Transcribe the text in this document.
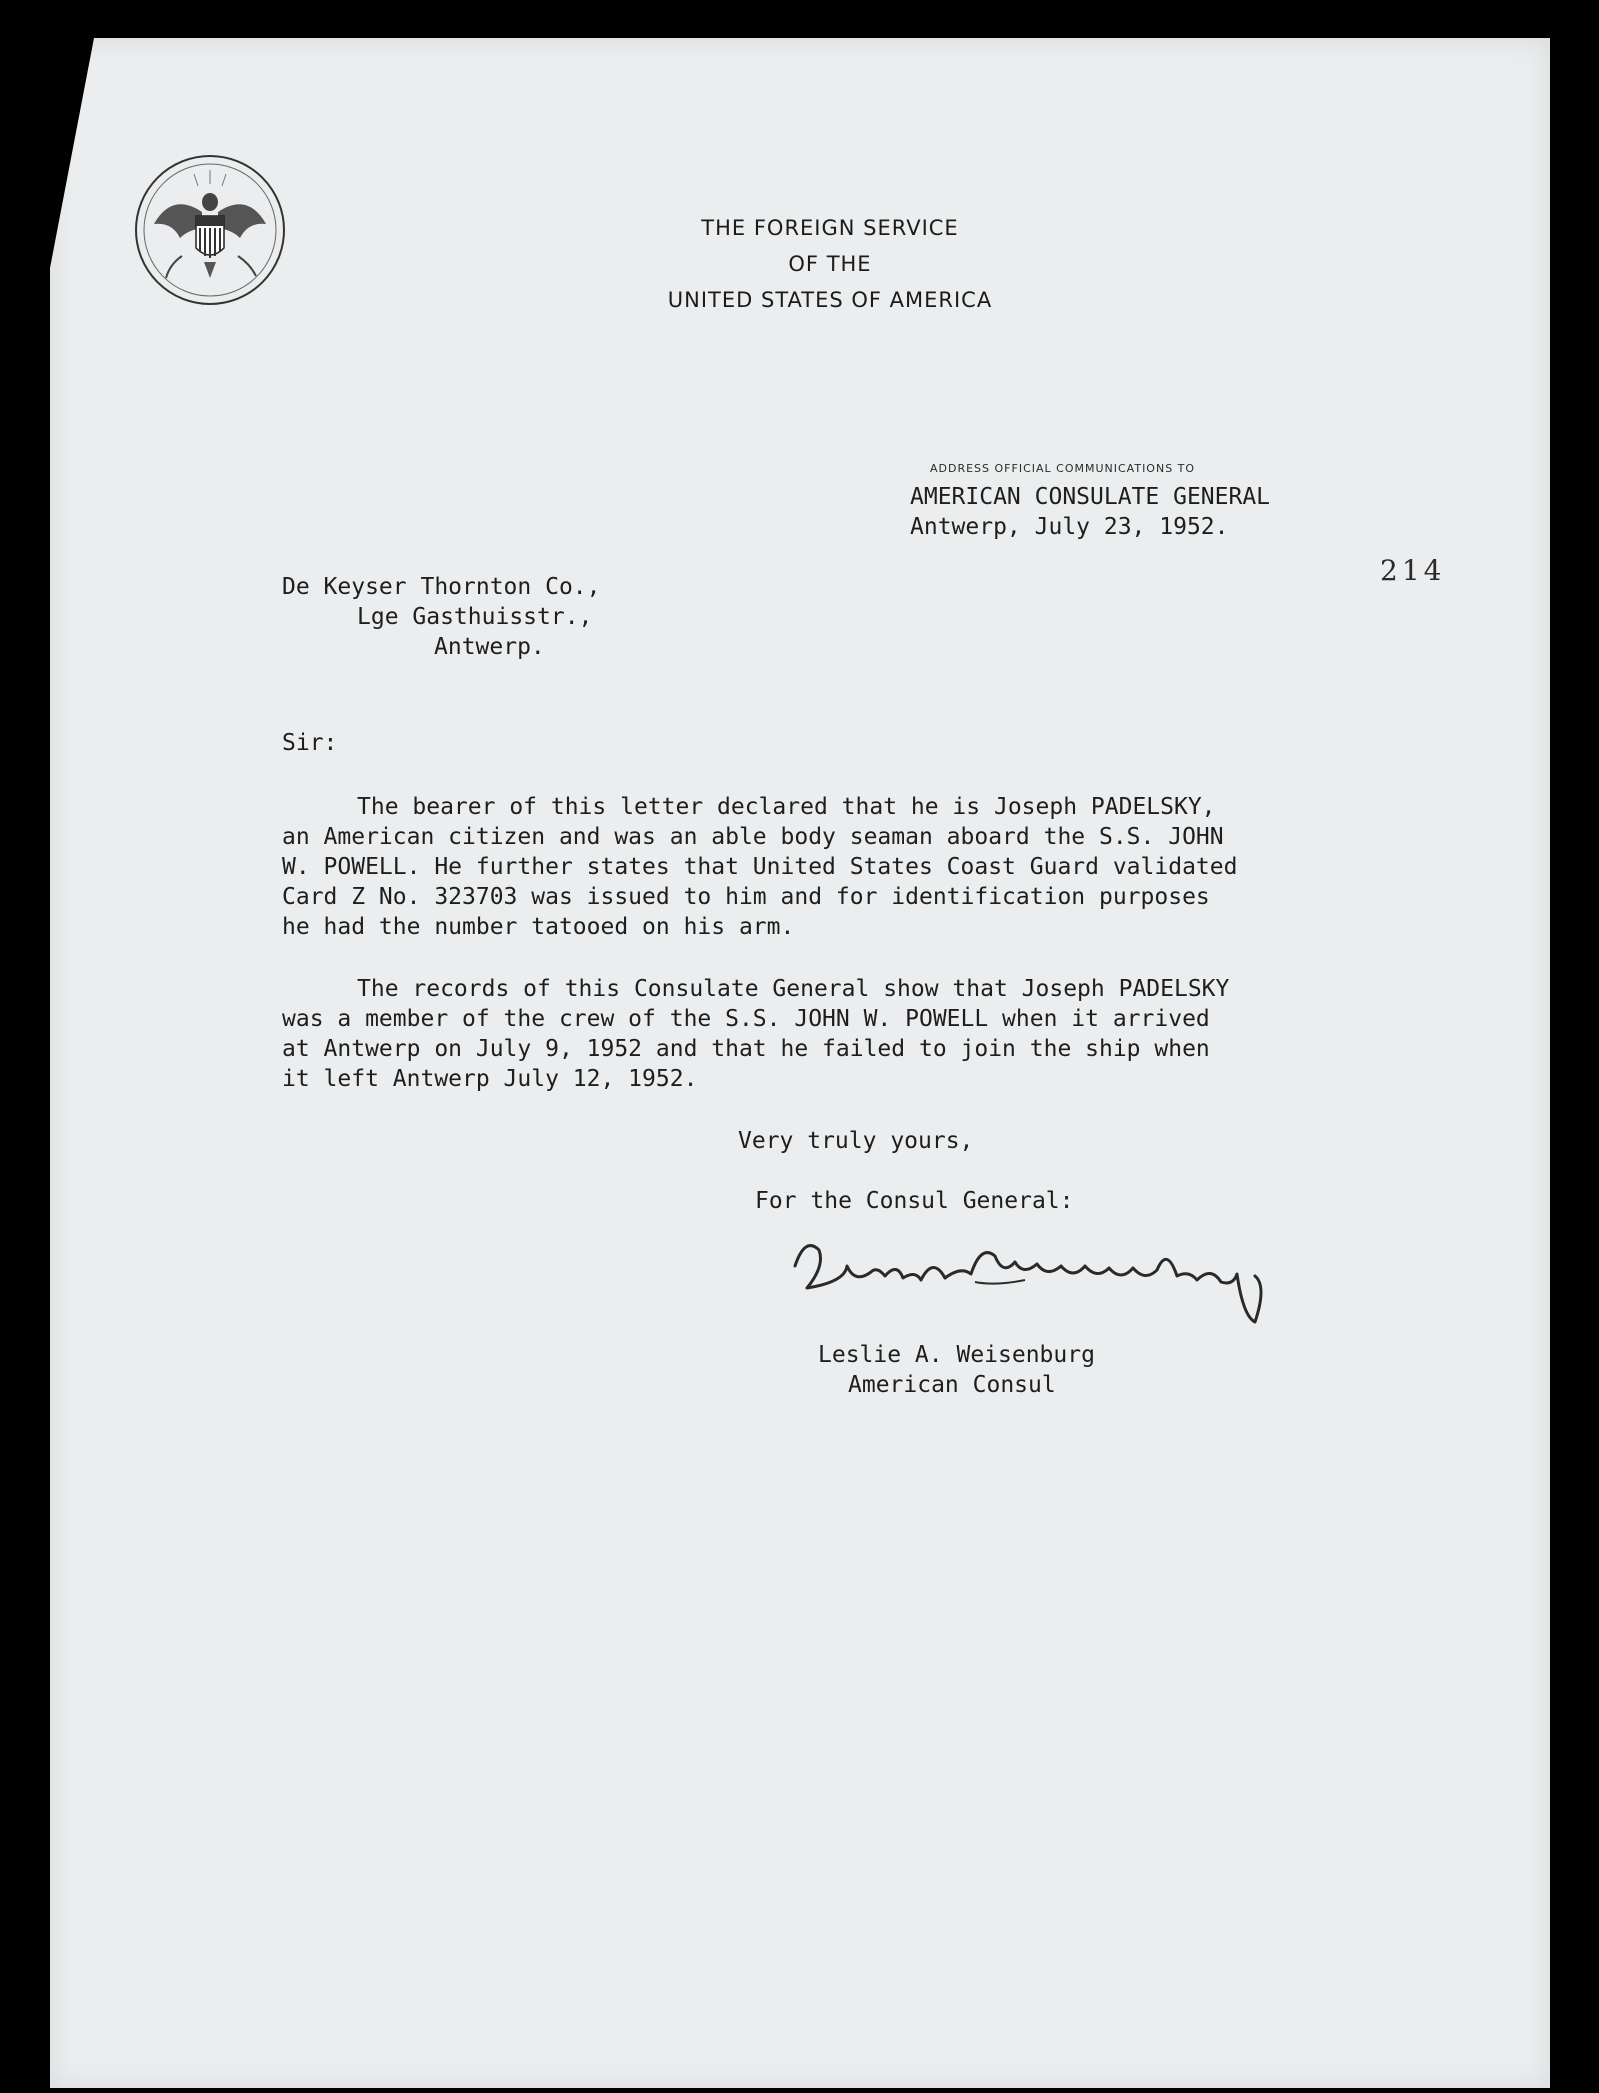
THE FOREIGN SERVICE
OF THE
UNITED STATES OF AMERICA
ADDRESS OFFICIAL COMMUNICATIONS TO
AMERICAN CONSULATE GENERAL
Antwerp, July 23, 1952.
214
De Keyser Thornton Co.,
Lge Gasthuisstr.,
Antwerp.
Sir:
The bearer of this letter declared that he is Joseph PADELSKY,
an American citizen and was an able body seaman aboard the S.S. JOHN
W. POWELL. He further states that United States Coast Guard validated
Card Z No. 323703 was issued to him and for identification purposes
he had the number tatooed on his arm.
The records of this Consulate General show that Joseph PADELSKY
was a member of the crew of the S.S. JOHN W. POWELL when it arrived
at Antwerp on July 9, 1952 and that he failed to join the ship when
it left Antwerp July 12, 1952.
Very truly yours,
For the Consul General:
Leslie A. Weisenburg
American Consul
